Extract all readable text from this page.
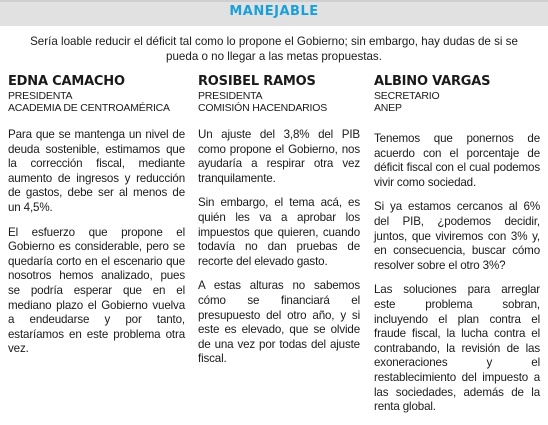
MANEJABLE
Sería loable reducir el déficit tal como lo propone el Gobierno; sin embargo, hay dudas de si se pueda o no llegar a las metas propuestas.
EDNA CAMACHO
PRESIDENTA
ACADEMIA DE CENTROAMÉRICA

Para que se mantenga un nivel de deuda sostenible, estimamos que la corrección fiscal, mediante aumento de ingresos y reducción de gastos, debe ser al menos de un 4,5%.

El esfuerzo que propone el Gobierno es considerable, pero se quedaría corto en el escenario que nosotros hemos analizado, pues se podría esperar que en el mediano plazo el Gobierno vuelva a endeudarse y por tanto, estaríamos en este problema otra vez.

ROSIBEL RAMOS
PRESIDENTA
COMISIÓN HACENDARIOS

Un ajuste del 3,8% del PIB como propone el Gobierno, nos ayudaría a respirar otra vez tranquilamente.

Sin embargo, el tema acá, es quién les va a aprobar los impuestos que quieren, cuando todavía no dan pruebas de recorte del elevado gasto.

A estas alturas no sabemos cómo se financiará el presupuesto del otro año, y si este es elevado, que se olvide de una vez por todas del ajuste fiscal.

ALBINO VARGAS
SECRETARIO
ANEP

Tenemos que ponernos de acuerdo con el porcentaje de déficit fiscal con el cual podemos vivir como sociedad.

Si ya estamos cercanos al 6% del PIB, ¿podemos decidir, juntos, que viviremos con 3% y, en consecuencia, buscar cómo resolver sobre el otro 3%?

Las soluciones para arreglar este problema sobran, incluyendo el plan contra el fraude fiscal, la lucha contra el contrabando, la revisión de las exoneraciones y el restablecimiento del impuesto a las sociedades, además de la renta global.
